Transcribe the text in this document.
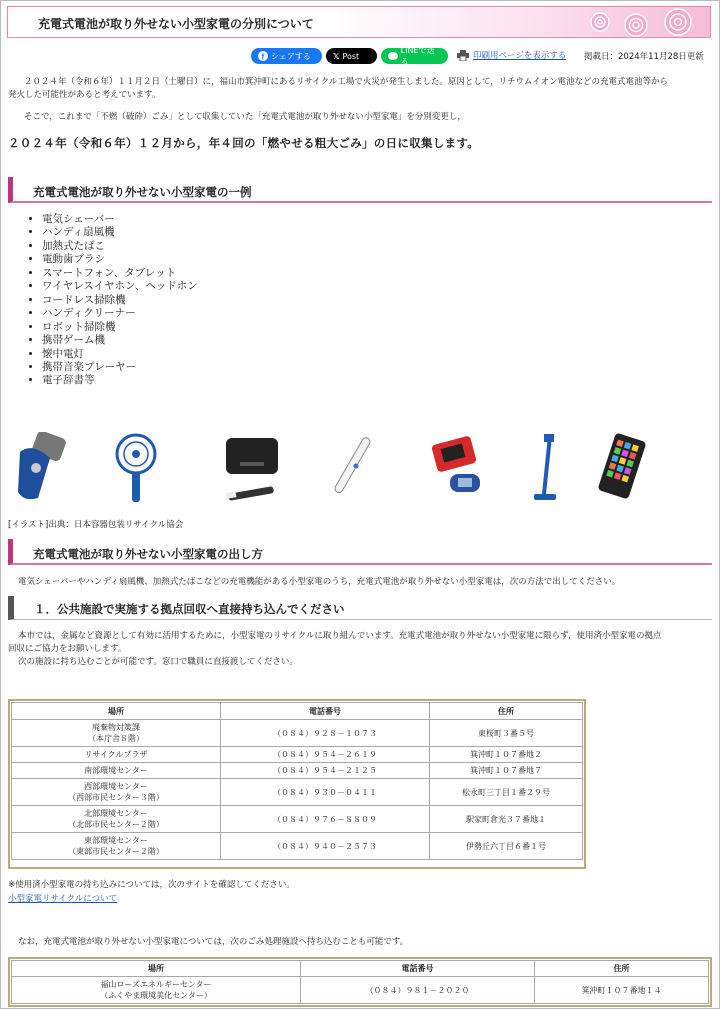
充電式電池が取り外せない小型家電の分別について
f シェアする	𝕏 Post
LINEで送る
印刷用ページを表示する 掲載日：2024年11月28日更新

２０２４年（令和６年）１１月２日（土曜日）に，福山市箕沖町にあるリサイクル工場で火災が発生しました。原因として，リチウムイオン電池などの充電式電池等から

発火した可能性があると考えています。

そこで，これまで「不燃（破砕）ごみ」として収集していた「充電式電池が取り外せない小型家電」を分別変更し，

２０２４年（令和６年）１２月から，年４回の「燃やせる粗大ごみ」の日に収集します。
充電式電池が取り外せない小型家電の一例
• 電気シェーバー
• ハンディ扇風機
• 加熱式たばこ
• 電動歯ブラシ
• スマートフォン、タブレット
• ワイヤレスイヤホン、ヘッドホン
• コードレス掃除機
• ハンディクリーナー
• ロボット掃除機
• 携帯ゲーム機
• 懐中電灯
• 携帯音楽プレーヤー
• 電子辞書等
[イラスト]出典：日本容器包装リサイクル協会
充電式電池が取り外せない小型家電の出し方

電気シェーバーやハンディ扇風機、加熱式たばこなどの充電機能がある小型家電のうち，充電式電池が取り外せない小型家電は，次の方法で出してください。

１．公共施設で実施する拠点回収へ直接持ち込んでください

本市では，金属など資源として有効に活用するために，小型家電のリサイクルに取り組んでいます。充電式電池が取り外せない小型家電に限らず，使用済小型家電の拠点

回収にご協力をお願いします。

次の施設に持ち込むことが可能です。窓口で職員に直接渡してください。

場所	電話番号	住所
廃棄物対策課
（本庁舎８階）	（０８４）９２８－１０７３	東桜町３番５号
リサイクルプラザ	（０８４）９５４－２６１９	箕沖町１０７番地２
南部環境センター	（０８４）９５４－２１２５	箕沖町１０７番地７
西部環境センター
（西部市民センター３階）	（０８４）９３０－０４１１	松永町三丁目１番２９号
北部環境センター
（北部市民センター２階）	（０８４）９７６－８８０９	駅家町倉光３７番地１
東部環境センター
（東部市民センター２階）	（０８４）９４０－２５７３	伊勢丘六丁目６番１号

※使用済小型家電の持ち込みについては，次のサイトを確認してください。

小型家電リサイクルについて

なお，充電式電池が取り外せない小型家電については，次のごみ処理施設へ持ち込むことも可能です。

場所	電話番号	住所
福山ローズエネルギーセンター
（ふくやま環境美化センター）	（０８４）９８１－２０２０	箕沖町１０７番地１４
